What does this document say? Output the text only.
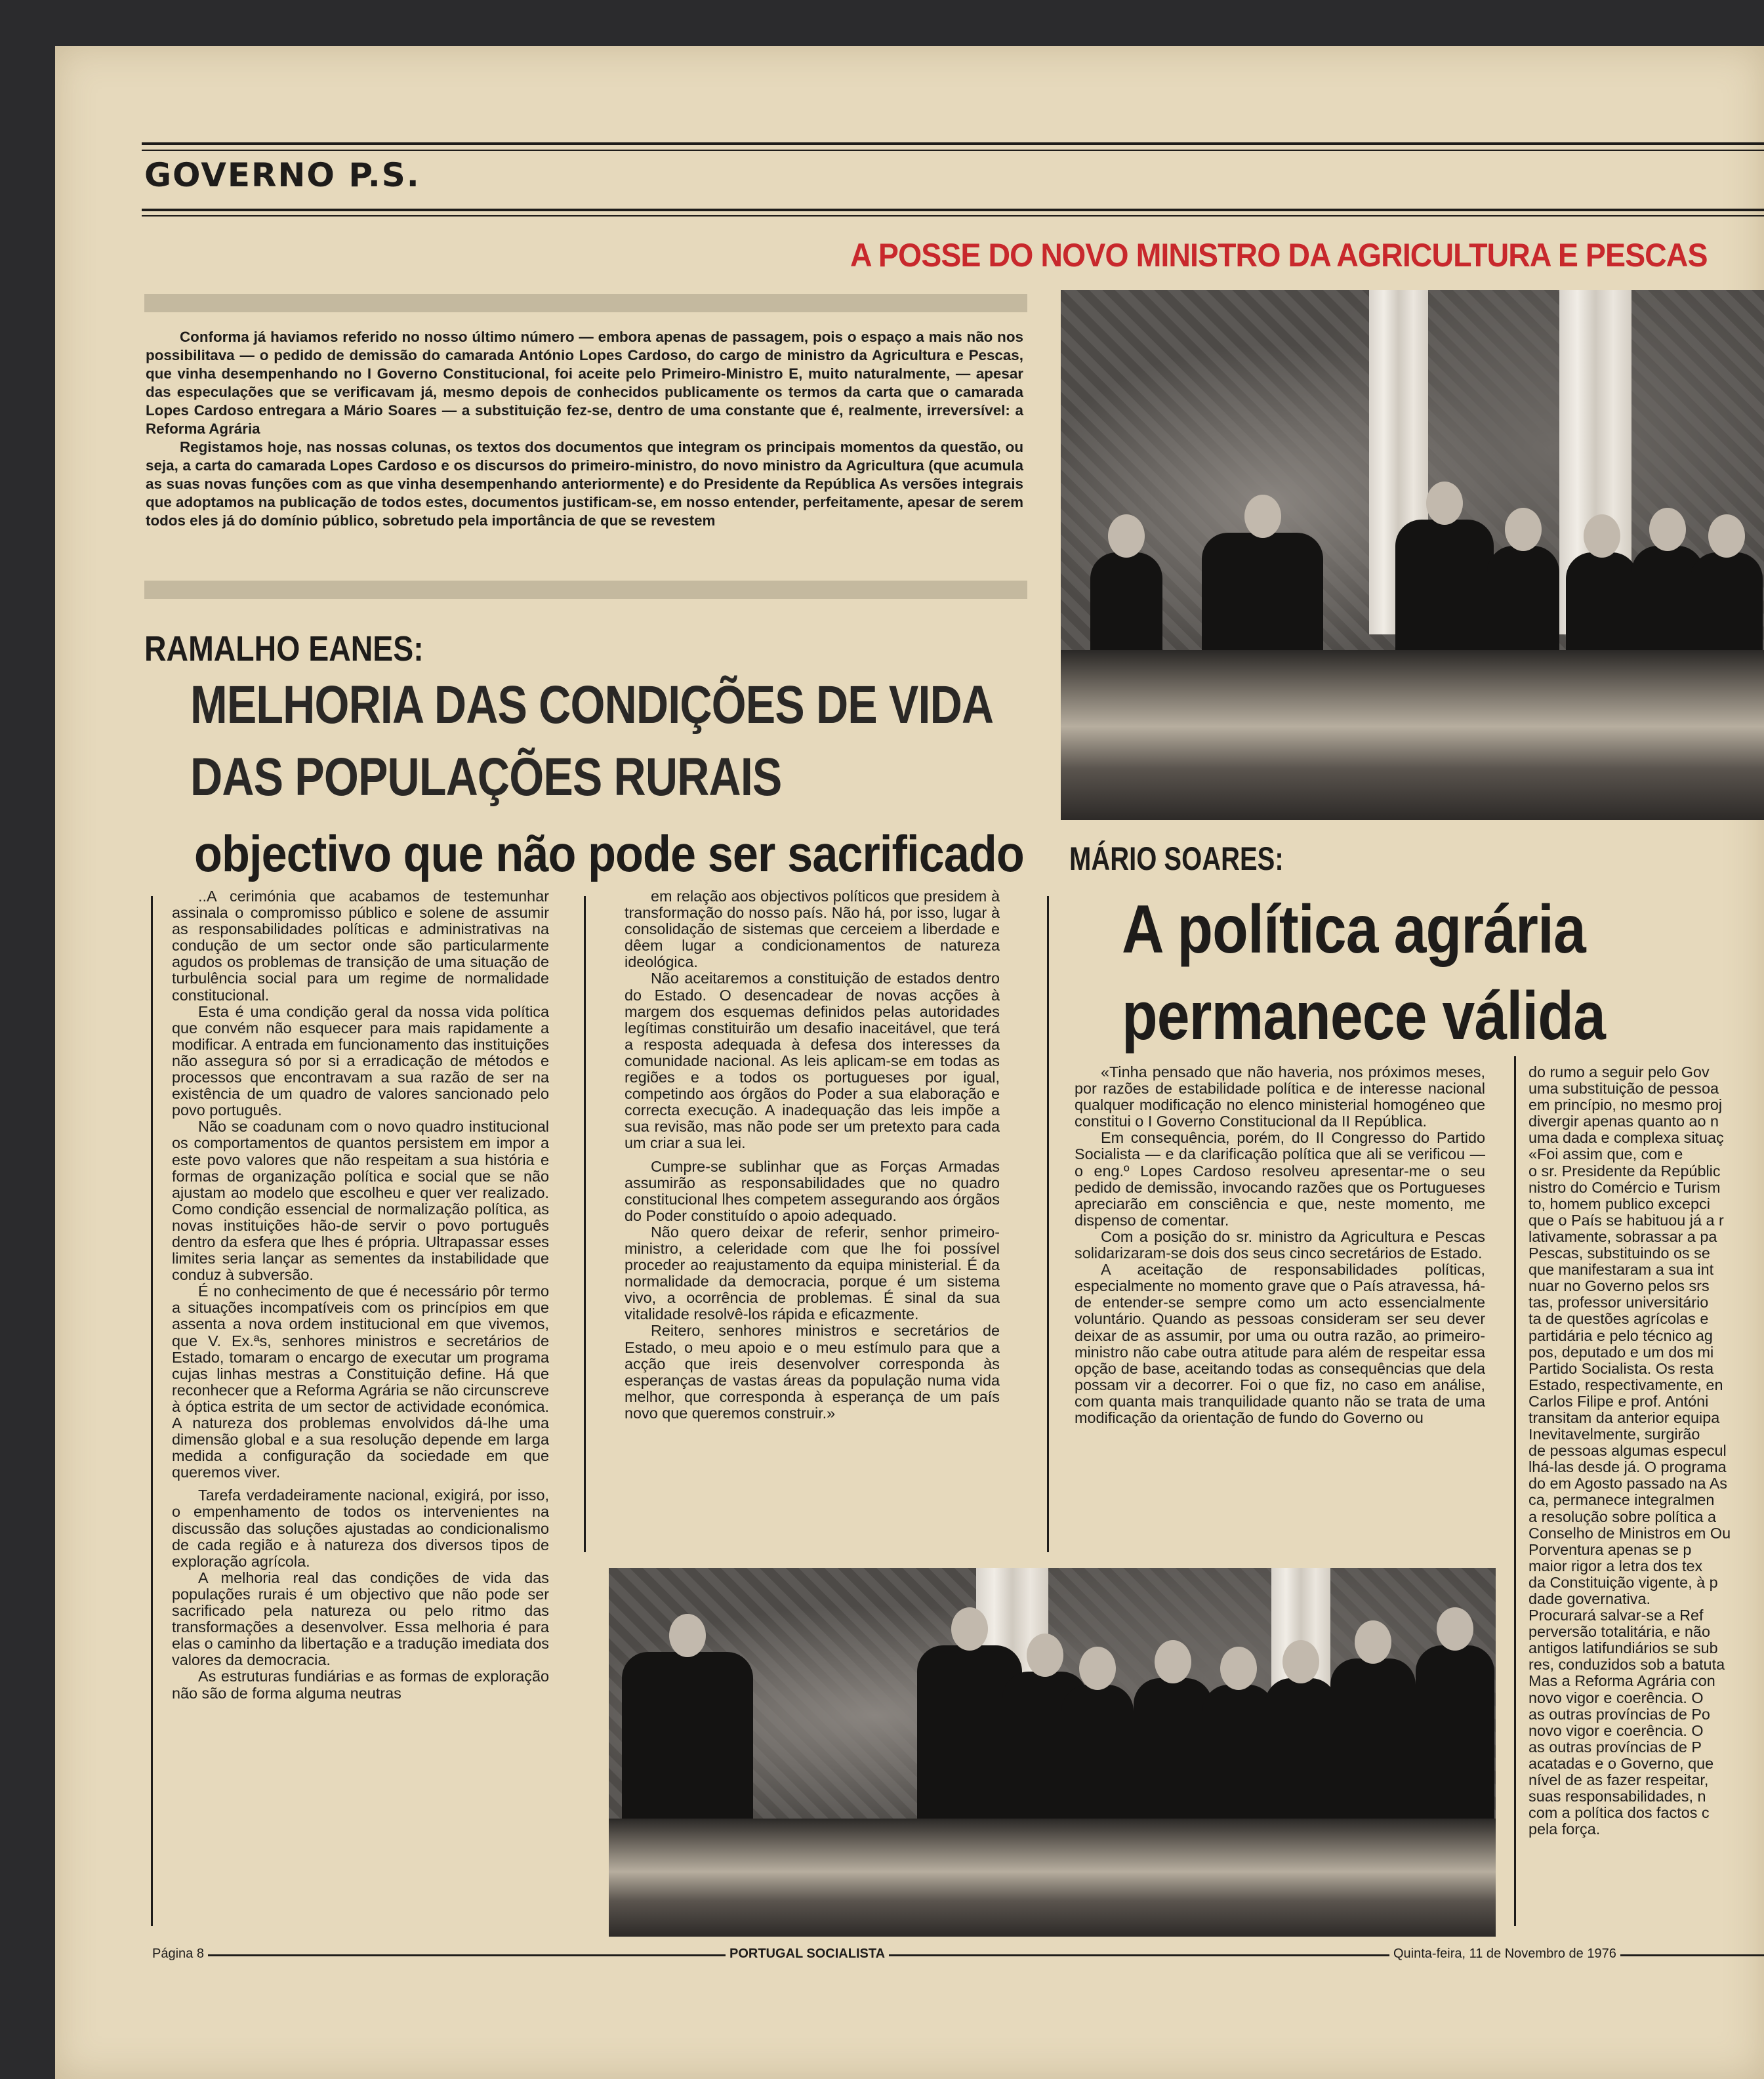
GOVERNO P.S.
A POSSE DO NOVO MINISTRO DA AGRICULTURA E PESCAS

Conforma já haviamos referido no nosso último número — embora apenas de passagem, pois o espaço a mais não nos possibilitava — o pedido de demissão do camarada António Lopes Cardoso, do cargo de ministro da Agricultura e Pescas, que vinha desempenhando no I Governo Constitucional, foi aceite pelo Primeiro-Ministro E, muito naturalmente, — apesar das especulações que se verificavam já, mesmo depois de conhecidos publicamente os termos da carta que o camarada Lopes Cardoso entregara a Mário Soares — a substituição fez-se, dentro de uma constante que é, realmente, irreversível: a Reforma Agrária

Registamos hoje, nas nossas colunas, os textos dos documentos que integram os principais momentos da questão, ou seja, a carta do camarada Lopes Cardoso e os discursos do primeiro-ministro, do novo ministro da Agricultura (que acumula as suas novas funções com as que vinha desempenhando anteriormente) e do Presidente da República As versões integrais que adoptamos na publicação de todos estes, documentos justificam-se, em nosso entender, perfeitamente, apesar de serem todos eles já do domínio público, sobretudo pela importância de que se revestem

RAMALHO EANES:
MELHORIA DAS CONDIÇÕES DE VIDA
DAS POPULAÇÕES RURAIS
objectivo que não pode ser sacrificado

..A cerimónia que acabamos de testemunhar assinala o compromisso público e solene de assumir as responsabilidades políticas e administrativas na condução de um sector onde são particularmente agudos os problemas de transição de uma situação de turbulência social para um regime de normalidade constitucional.

Esta é uma condição geral da nossa vida política que convém não esquecer para mais rapidamente a modificar. A entrada em funcionamento das instituições não assegura só por si a erradicação de métodos e processos que encontravam a sua razão de ser na existência de um quadro de valores sancionado pelo povo português.

Não se coadunam com o novo quadro institucional os comportamentos de quantos persistem em impor a este povo valores que não respeitam a sua história e formas de organização política e social que se não ajustam ao modelo que escolheu e quer ver realizado. Como condição essencial de normalização política, as novas instituições hão-de servir o povo português dentro da esfera que lhes é própria. Ultrapassar esses limites seria lançar as sementes da instabilidade que conduz à subversão.

É no conhecimento de que é necessário pôr termo a situações incompatíveis com os princípios em que assenta a nova ordem institucional em que vivemos, que V. Ex.ªs, senhores ministros e secretários de Estado, tomaram o encargo de executar um programa cujas linhas mestras a Constituição define. Há que reconhecer que a Reforma Agrária se não circunscreve à óptica estrita de um sector de actividade económica. A natureza dos problemas envolvidos dá-lhe uma dimensão global e a sua resolução depende em larga medida a configuração da sociedade em que queremos viver.

Tarefa verdadeiramente nacional, exigirá, por isso, o empenhamento de todos os intervenientes na discussão das soluções ajustadas ao condicionalismo de cada região e à natureza dos diversos tipos de exploração agrícola.

A melhoria real das condições de vida das populações rurais é um objectivo que não pode ser sacrificado pela natureza ou pelo ritmo das transformações a desenvolver. Essa melhoria é para elas o caminho da libertação e a tradução imediata dos valores da democracia.

As estruturas fundiárias e as formas de exploração não são de forma alguma neutras

em relação aos objectivos políticos que presidem à transformação do nosso país. Não há, por isso, lugar à consolidação de sistemas que cerceiem a liberdade e dêem lugar a condicionamentos de natureza ideológica.

Não aceitaremos a constituição de estados dentro do Estado. O desencadear de novas acções à margem dos esquemas definidos pelas autoridades legítimas constituirão um desafio inaceitável, que terá a resposta adequada à defesa dos interesses da comunidade nacional. As leis aplicam-se em todas as regiões e a todos os portugueses por igual, competindo aos órgãos do Poder a sua elaboração e correcta execução. A inadequação das leis impõe a sua revisão, mas não pode ser um pretexto para cada um criar a sua lei.

Cumpre-se sublinhar que as Forças Armadas assumirão as responsabilidades que no quadro constitucional lhes competem assegurando aos órgãos do Poder constituído o apoio adequado.

Não quero deixar de referir, senhor primeiro-ministro, a celeridade com que lhe foi possível proceder ao reajustamento da equipa ministerial. É da normalidade da democracia, porque é um sistema vivo, a ocorrência de problemas. É sinal da sua vitalidade resolvê-los rápida e eficazmente.

Reitero, senhores ministros e secretários de Estado, o meu apoio e o meu estímulo para que a acção que ireis desenvolver corresponda às esperanças de vastas áreas da população numa vida melhor, que corresponda à esperança de um país novo que queremos construir.»

MÁRIO SOARES:
A política agrária
permanece válida

«Tinha pensado que não haveria, nos próximos meses, por razões de estabilidade política e de interesse nacional qualquer modificação no elenco ministerial homogéneo que constitui o I Governo Constitucional da II República.

Em consequência, porém, do II Congresso do Partido Socialista — e da clarificação política que ali se verificou — o eng.º Lopes Cardoso resolveu apresentar-me o seu pedido de demissão, invocando razões que os Portugueses apreciarão em consciência e que, neste momento, me dispenso de comentar.

Com a posição do sr. ministro da Agricultura e Pescas solidarizaram-se dois dos seus cinco secretários de Estado.

A aceitação de responsabilidades políticas, especialmente no momento grave que o País atravessa, há-de entender-se sempre como um acto essencialmente voluntário. Quando as pessoas consideram ser seu dever deixar de as assumir, por uma ou outra razão, ao primeiro-ministro não cabe outra atitude para além de respeitar essa opção de base, aceitando todas as consequências que dela possam vir a decorrer. Foi o que fiz, no caso em análise, com quanta mais tranquilidade quanto não se trata de uma modificação da orientação de fundo do Governo ou

do rumo a seguir pelo Gov
uma substituição de pessoa
em princípio, no mesmo proj
divergir apenas quanto ao n
uma dada e complexa situaç
«Foi assim que, com e
o sr. Presidente da Repúblic
nistro do Comércio e Turism
to, homem publico excepci
que o País se habituou já a r
lativamente, sobrassar a pa
Pescas, substituindo os se
que manifestaram a sua int
nuar no Governo pelos srs
tas, professor universitário
ta de questões agrícolas e
partidária e pelo técnico ag
pos, deputado e um dos mi
Partido Socialista. Os resta
Estado, respectivamente, en
Carlos Filipe e prof. Antóni
transitam da anterior equipa
Inevitavelmente, surgirão
de pessoas algumas especul
lhá-las desde já. O programa
do em Agosto passado na As
ca, permanece integralmen
a resolução sobre política a
Conselho de Ministros em Ou
Porventura apenas se p
maior rigor a letra dos tex
da Constituição vigente, à p
dade governativa.
Procurará salvar-se a Ref
perversão totalitária, e não
antigos latifundiários se sub
res, conduzidos sob a batuta
Mas a Reforma Agrária con
novo vigor e coerência. O
as outras províncias de Po
novo vigor e coerência. O
as outras províncias de P
acatadas e o Governo, que
nível de as fazer respeitar,
suas responsabilidades, n
com a política dos factos c
pela força.
Página 8	PORTUGAL SOCIALISTA	Quinta-feira, 11 de Novembro de 1976
